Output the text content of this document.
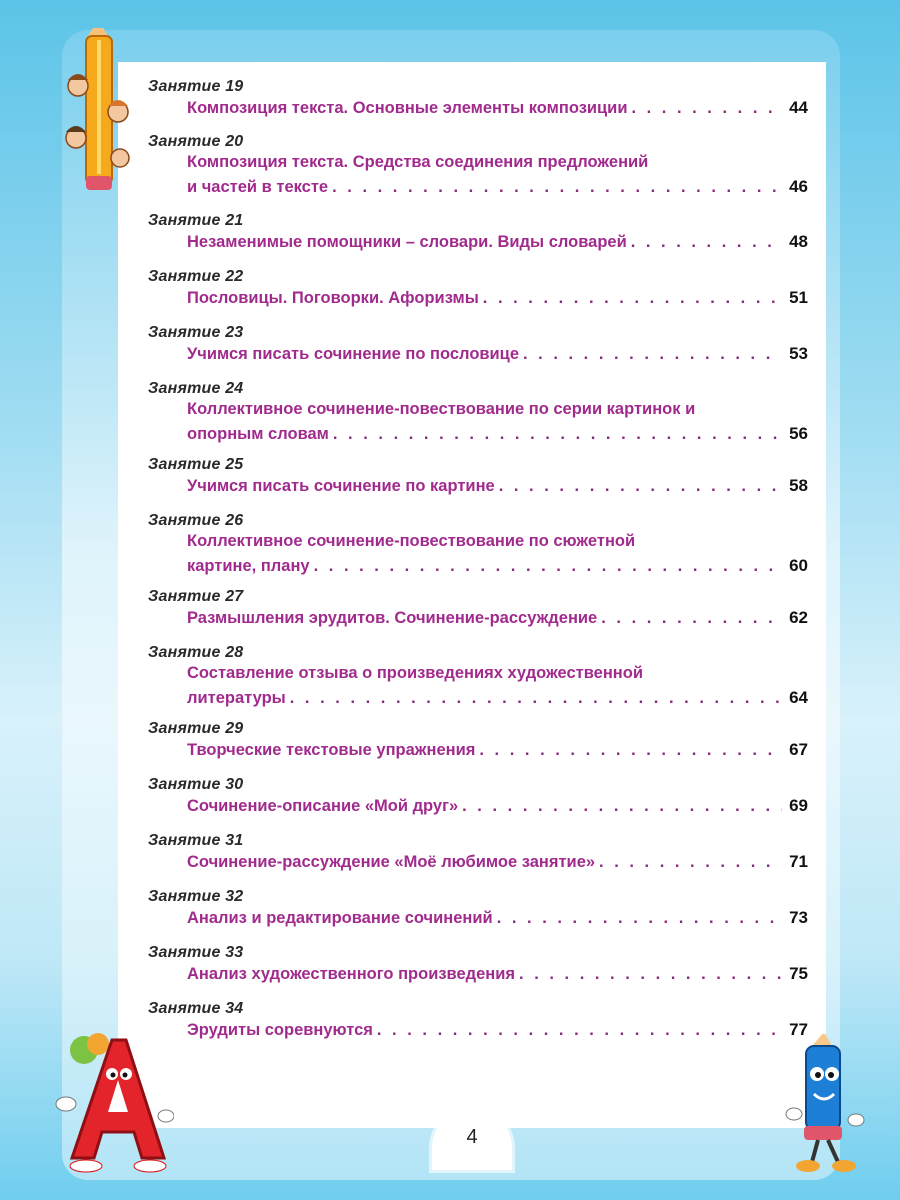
Занятие 19
Композиция текста. Основные элементы композиции . . .	44
Занятие 20
Композиция текста. Средства соединения предложений
и частей в тексте . . .	46
Занятие 21
Незаменимые помощники – словари. Виды словарей . . .	48
Занятие 22
Пословицы. Поговорки. Афоризмы . . .	51
Занятие 23
Учимся писать сочинение по пословице . . .	53
Занятие 24
Коллективное сочинение-повествование по серии картинок и
опорным словам . . .	56
Занятие 25
Учимся писать сочинение по картине . . .	58
Занятие 26
Коллективное сочинение-повествование по сюжетной
картине, плану . . .	60
Занятие 27
Размышления эрудитов. Сочинение-рассуждение . . .	62
Занятие 28
Составление отзыва о произведениях художественной
литературы . . .	64
Занятие 29
Творческие текстовые упражнения . . .	67
Занятие 30
Сочинение-описание «Мой друг» . . .	69
Занятие 31
Сочинение-рассуждение «Моё любимое занятие» . . .	71
Занятие 32
Анализ и редактирование сочинений . . .	73
Занятие 33
Анализ художественного произведения . . .	75
Занятие 34
Эрудиты соревнуются . . .	77
4
